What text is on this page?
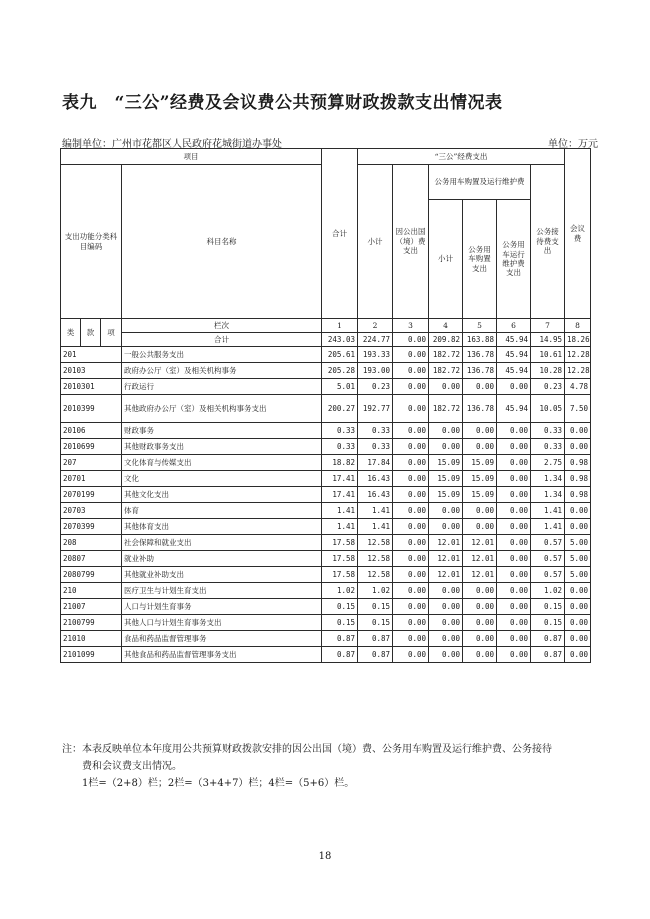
表九　“三公”经费及会议费公共预算财政拨款支出情况表
编制单位：广州市花都区人民政府花城街道办事处	单位：万元
项目				合计	“三公”经费支出						会议费
支出功能分类科目编码			科目名称		小计	因公出国（境）费支出	公务用车购置及运行维护费			公务接待费支出	
							小计	公务用车购置支出	公务用车运行维护费支出		
类	款	项	栏次	1	2	3	4	5	6	7	8
			合计	243.03	224.77	0.00	209.82	163.88	45.94	14.95	18.26
201			一般公共服务支出	205.61	193.33	0.00	182.72	136.78	45.94	10.61	12.28
20103			政府办公厅（室）及相关机构事务	205.28	193.00	0.00	182.72	136.78	45.94	10.28	12.28
2010301			行政运行	5.01	0.23	0.00	0.00	0.00	0.00	0.23	4.78
2010399			其他政府办公厅（室）及相关机构事务支出	200.27	192.77	0.00	182.72	136.78	45.94	10.05	7.50
20106			财政事务	0.33	0.33	0.00	0.00	0.00	0.00	0.33	0.00
2010699			其他财政事务支出	0.33	0.33	0.00	0.00	0.00	0.00	0.33	0.00
207			文化体育与传媒支出	18.82	17.84	0.00	15.09	15.09	0.00	2.75	0.98
20701			文化	17.41	16.43	0.00	15.09	15.09	0.00	1.34	0.98
2070199			其他文化支出	17.41	16.43	0.00	15.09	15.09	0.00	1.34	0.98
20703			体育	1.41	1.41	0.00	0.00	0.00	0.00	1.41	0.00
2070399			其他体育支出	1.41	1.41	0.00	0.00	0.00	0.00	1.41	0.00
208			社会保障和就业支出	17.58	12.58	0.00	12.01	12.01	0.00	0.57	5.00
20807			就业补助	17.58	12.58	0.00	12.01	12.01	0.00	0.57	5.00
2080799			其他就业补助支出	17.58	12.58	0.00	12.01	12.01	0.00	0.57	5.00
210			医疗卫生与计划生育支出	1.02	1.02	0.00	0.00	0.00	0.00	1.02	0.00
21007			人口与计划生育事务	0.15	0.15	0.00	0.00	0.00	0.00	0.15	0.00
2100799			其他人口与计划生育事务支出	0.15	0.15	0.00	0.00	0.00	0.00	0.15	0.00
21010			食品和药品监督管理事务	0.87	0.87	0.00	0.00	0.00	0.00	0.87	0.00
2101099			其他食品和药品监督管理事务支出	0.87	0.87	0.00	0.00	0.00	0.00	0.87	0.00

注：本表反映单位本年度用公共预算财政拨款安排的因公出国（境）费、公务用车购置及运行维护费、公务接待

费和会议费支出情况。

1栏=（2+8）栏；2栏=（3+4+7）栏；4栏=（5+6）栏。

18
